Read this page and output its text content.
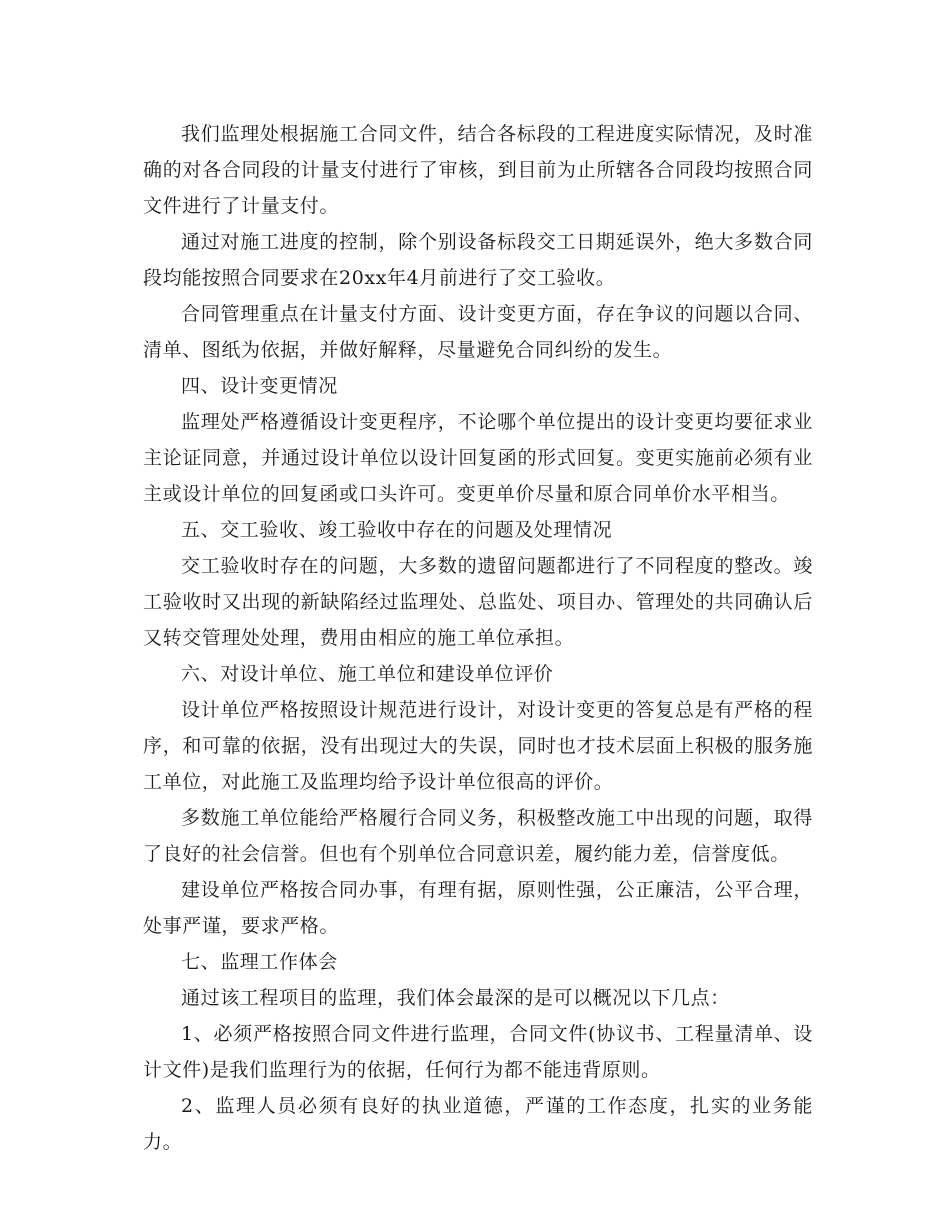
我们监理处根据施工合同文件，结合各标段的工程进度实际情况，及时准确的对各合同段的计量支付进行了审核，到目前为止所辖各合同段均按照合同文件进行了计量支付。

通过对施工进度的控制，除个别设备标段交工日期延误外，绝大多数合同段均能按照合同要求在20xx年4月前进行了交工验收。

合同管理重点在计量支付方面、设计变更方面，存在争议的问题以合同、清单、图纸为依据，并做好解释，尽量避免合同纠纷的发生。

四、设计变更情况

监理处严格遵循设计变更程序，不论哪个单位提出的设计变更均要征求业主论证同意，并通过设计单位以设计回复函的形式回复。变更实施前必须有业主或设计单位的回复函或口头许可。变更单价尽量和原合同单价水平相当。

五、交工验收、竣工验收中存在的问题及处理情况

交工验收时存在的问题，大多数的遗留问题都进行了不同程度的整改。竣工验收时又出现的新缺陷经过监理处、总监处、项目办、管理处的共同确认后又转交管理处处理，费用由相应的施工单位承担。

六、对设计单位、施工单位和建设单位评价

设计单位严格按照设计规范进行设计，对设计变更的答复总是有严格的程序，和可靠的依据，没有出现过大的失误，同时也才技术层面上积极的服务施工单位，对此施工及监理均给予设计单位很高的评价。

多数施工单位能给严格履行合同义务，积极整改施工中出现的问题，取得了良好的社会信誉。但也有个别单位合同意识差，履约能力差，信誉度低。

建设单位严格按合同办事，有理有据，原则性强，公正廉洁，公平合理，处事严谨，要求严格。

七、监理工作体会

通过该工程项目的监理，我们体会最深的是可以概况以下几点：

1、必须严格按照合同文件进行监理，合同文件(协议书、工程量清单、设计文件)是我们监理行为的依据，任何行为都不能违背原则。

2、监理人员必须有良好的执业道德，严谨的工作态度，扎实的业务能力。
